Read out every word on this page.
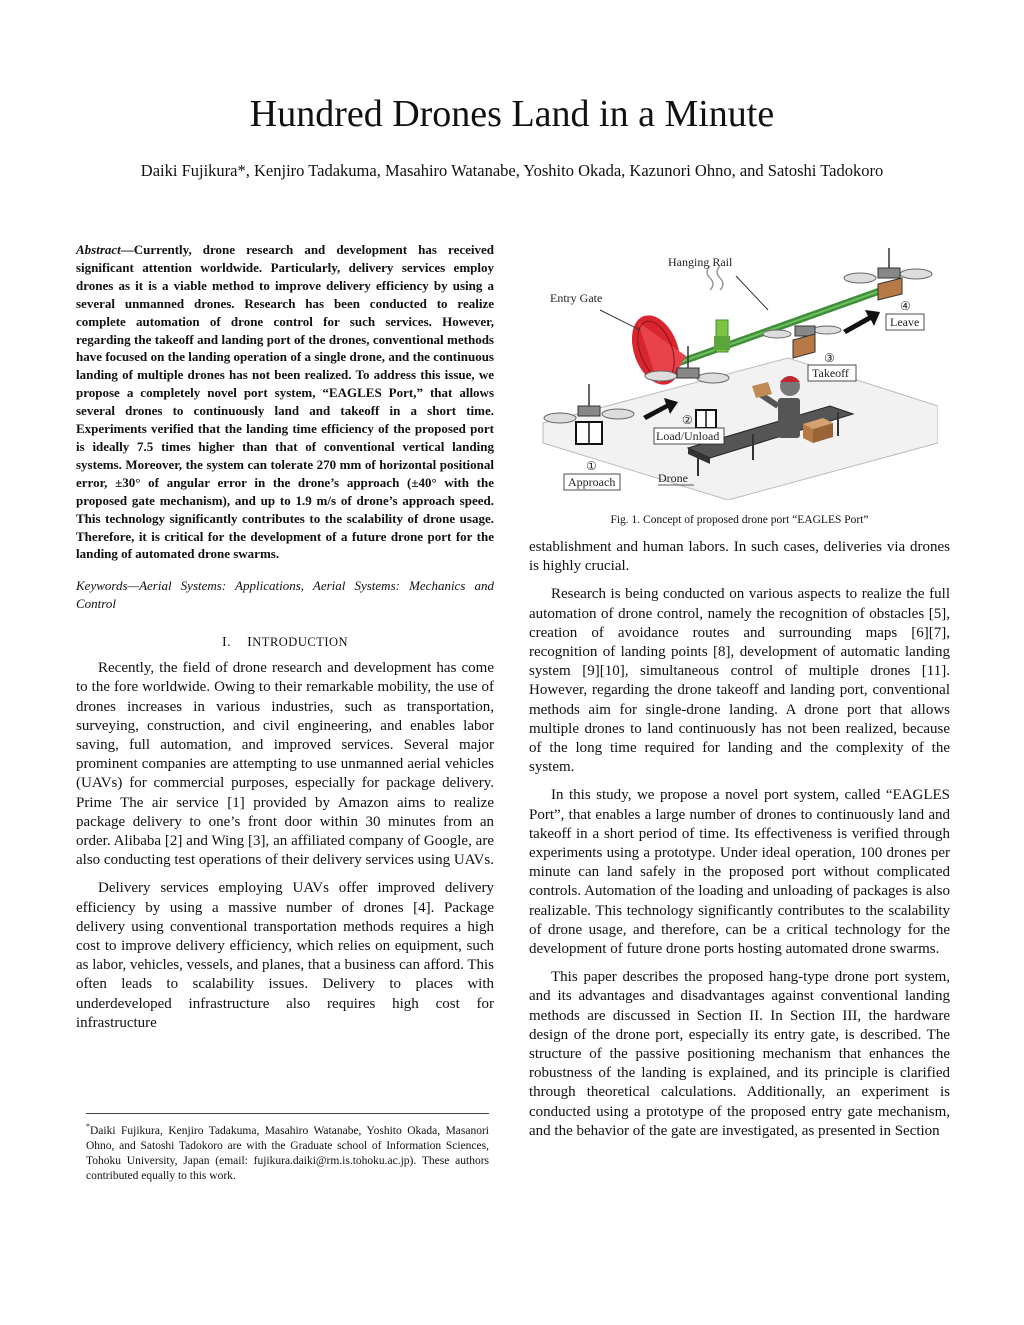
Hundred Drones Land in a Minute

Daiki Fujikura*, Kenjiro Tadakuma, Masahiro Watanabe, Yoshito Okada, Kazunori Ohno, and Satoshi Tadokoro

Abstract—Currently, drone research and development has received significant attention worldwide. Particularly, delivery services employ drones as it is a viable method to improve delivery efficiency by using a several unmanned drones. Research has been conducted to realize complete automation of drone control for such services. However, regarding the takeoff and landing port of the drones, conventional methods have focused on the landing operation of a single drone, and the continuous landing of multiple drones has not been realized. To address this issue, we propose a completely novel port system, “EAGLES Port,” that allows several drones to continuously land and takeoff in a short time. Experiments verified that the landing time efficiency of the proposed port is ideally 7.5 times higher than that of conventional vertical landing systems. Moreover, the system can tolerate 270 mm of horizontal positional error, ±30° of angular error in the drone’s approach (±40° with the proposed gate mechanism), and up to 1.9 m/s of drone’s approach speed. This technology significantly contributes to the scalability of drone usage. Therefore, it is critical for the development of a future drone port for the landing of automated drone swarms.

Keywords—Aerial Systems: Applications, Aerial Systems: Mechanics and Control

I. INTRODUCTION

Recently, the field of drone research and development has come to the fore worldwide. Owing to their remarkable mobility, the use of drones increases in various industries, such as transportation, surveying, construction, and civil engineering, and enables labor saving, full automation, and improved services. Several major prominent companies are attempting to use unmanned aerial vehicles (UAVs) for commercial purposes, especially for package delivery. Prime The air service [1] provided by Amazon aims to realize package delivery to one’s front door within 30 minutes from an order. Alibaba [2] and Wing [3], an affiliated company of Google, are also conducting test operations of their delivery services using UAVs.

Delivery services employing UAVs offer improved delivery efficiency by using a massive number of drones [4]. Package delivery using conventional transportation methods requires a high cost to improve delivery efficiency, which relies on equipment, such as labor, vehicles, vessels, and planes, that a business can afford. This often leads to scalability issues. Delivery to places with underdeveloped infrastructure also requires high cost for infrastructure

*Daiki Fujikura, Kenjiro Tadakuma, Masahiro Watanabe, Yoshito Okada, Masanori Ohno, and Satoshi Tadokoro are with the Graduate school of Information Sciences, Tohoku University, Japan (email: fujikura.daiki@rm.is.tohoku.ac.jp). These authors contributed equally to this work.
Hanging Rail
Entry Gate
④
Leave
③
Takeoff
②
Load/Unload
①
Approach	Drone
Fig. 1. Concept of proposed drone port “EAGLES Port”

establishment and human labors. In such cases, deliveries via drones is highly crucial.

Research is being conducted on various aspects to realize the full automation of drone control, namely the recognition of obstacles [5], creation of avoidance routes and surrounding maps [6][7], recognition of landing points [8], development of automatic landing system [9][10], simultaneous control of multiple drones [11]. However, regarding the drone takeoff and landing port, conventional methods aim for single-drone landing. A drone port that allows multiple drones to land continuously has not been realized, because of the long time required for landing and the complexity of the system.

In this study, we propose a novel port system, called “EAGLES Port”, that enables a large number of drones to continuously land and takeoff in a short period of time. Its effectiveness is verified through experiments using a prototype. Under ideal operation, 100 drones per minute can land safely in the proposed port without complicated controls. Automation of the loading and unloading of packages is also realizable. This technology significantly contributes to the scalability of drone usage, and therefore, can be a critical technology for the development of future drone ports hosting automated drone swarms.

This paper describes the proposed hang-type drone port system, and its advantages and disadvantages against conventional landing methods are discussed in Section II. In Section III, the hardware design of the drone port, especially its entry gate, is described. The structure of the passive positioning mechanism that enhances the robustness of the landing is explained, and its principle is clarified through theoretical calculations. Additionally, an experiment is conducted using a prototype of the proposed entry gate mechanism, and the behavior of the gate are investigated, as presented in Section
